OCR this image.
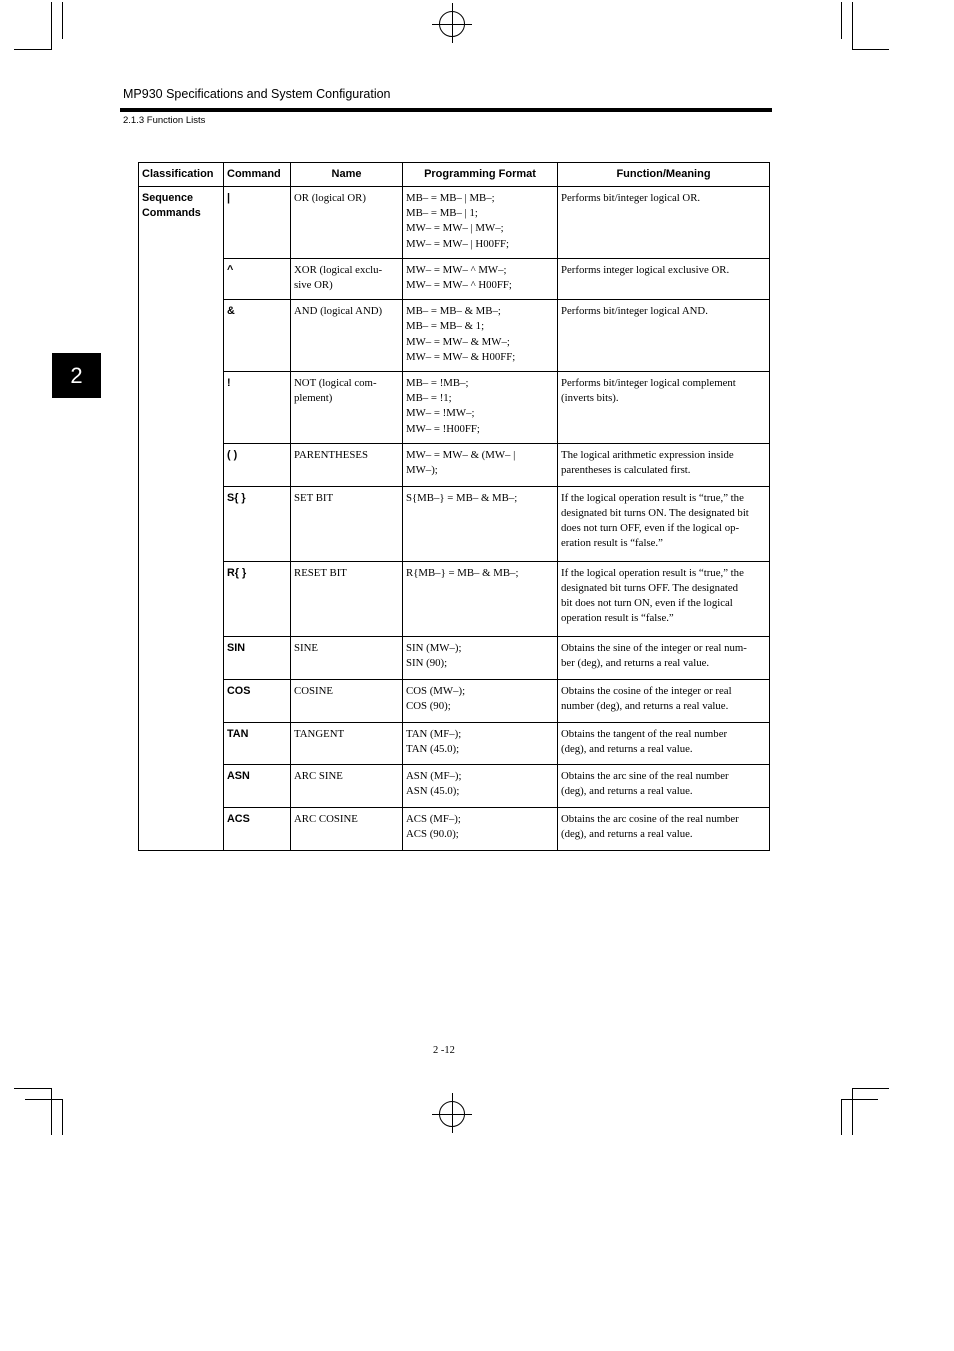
MP930 Specifications and System Configuration
2.1.3 Function Lists
2
Classification	Command	Name	Programming Format	Function/Meaning
Sequence
Commands	|	OR (logical OR)	MB– = MB– | MB–;
MB– = MB– | 1;
MW– = MW– | MW–;
MW– = MW– | H00FF;	Performs bit/integer logical OR.
	^	XOR (logical exclu-
sive OR)	MW– = MW– ^ MW–;
MW– = MW– ^ H00FF;	Performs integer logical exclusive OR.
	&	AND (logical AND)	MB– = MB– & MB–;
MB– = MB– & 1;
MW– = MW– & MW–;
MW– = MW– & H00FF;	Performs bit/integer logical AND.
	!	NOT (logical com-
plement)	MB– = !MB–;
MB– = !1;
MW– = !MW–;
MW– = !H00FF;	Performs bit/integer logical complement
(inverts bits).
	( )	PARENTHESES	MW– = MW– & (MW– |
MW–);	The logical arithmetic expression inside
parentheses is calculated first.
	S{ }	SET BIT	S{MB–} = MB– & MB–;	If the logical operation result is “true,” the
designated bit turns ON. The designated bit
does not turn OFF, even if the logical op-
eration result is “false.”
	R{ }	RESET BIT	R{MB–} = MB– & MB–;	If the logical operation result is “true,” the
designated bit turns OFF. The designated
bit does not turn ON, even if the logical
operation result is “false.”
	SIN	SINE	SIN (MW–);
SIN (90);	Obtains the sine of the integer or real num-
ber (deg), and returns a real value.
	COS	COSINE	COS (MW–);
COS (90);	Obtains the cosine of the integer or real
number (deg), and returns a real value.
	TAN	TANGENT	TAN (MF–);
TAN (45.0);	Obtains the tangent of the real number
(deg), and returns a real value.
	ASN	ARC SINE	ASN (MF–);
ASN (45.0);	Obtains the arc sine of the real number
(deg), and returns a real value.
	ACS	ARC COSINE	ACS (MF–);
ACS (90.0);	Obtains the arc cosine of the real number
(deg), and returns a real value.
2 -12
